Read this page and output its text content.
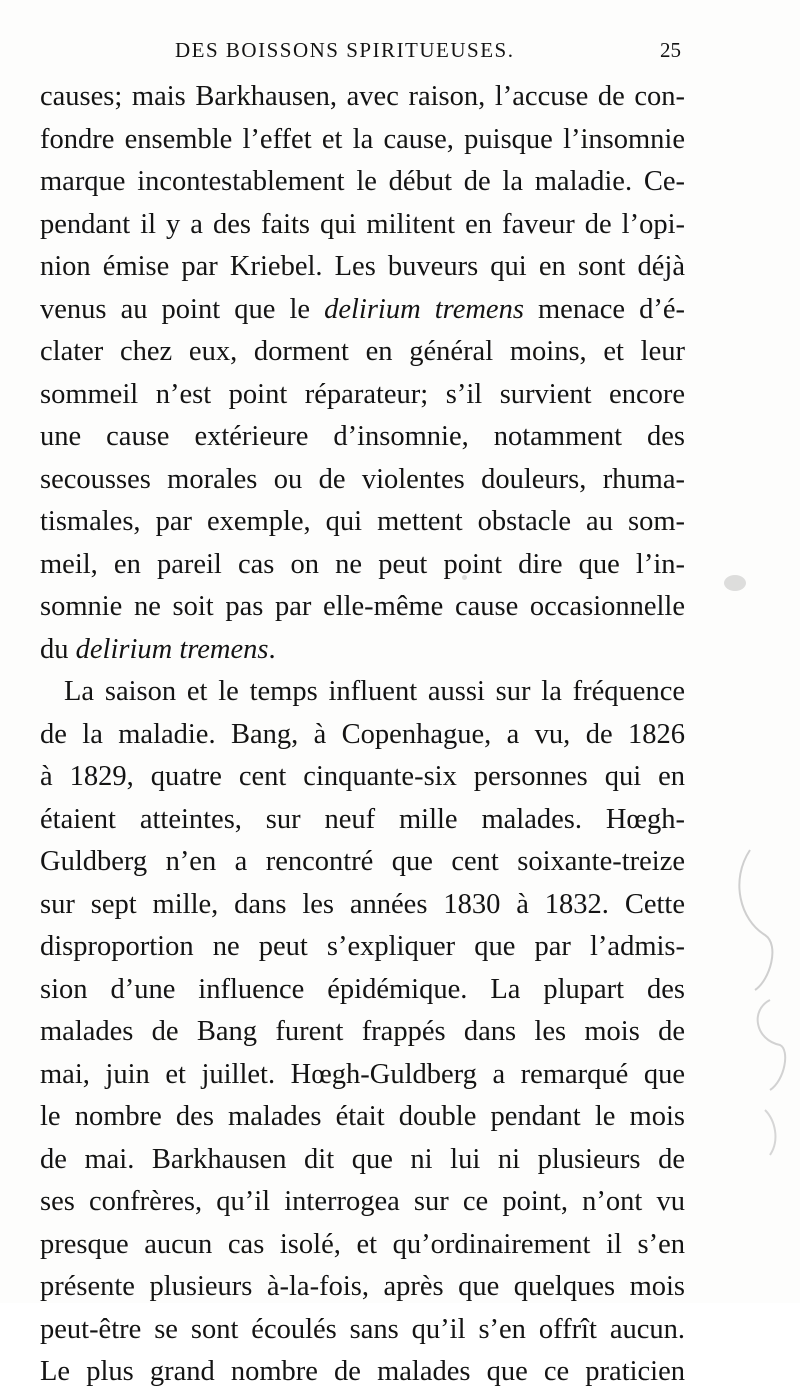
DES BOISSONS SPIRITUEUSES.	25
causes; mais Barkhausen, avec raison, l’accuse de con-
fondre ensemble l’effet et la cause, puisque l’insomnie
marque incontestablement le début de la maladie. Ce-
pendant il y a des faits qui militent en faveur de l’opi-
nion émise par Kriebel. Les buveurs qui en sont déjà
venus au point que le delirium tremens menace d’é-
clater chez eux, dorment en général moins, et leur
sommeil n’est point réparateur; s’il survient encore
une cause extérieure d’insomnie, notamment des
secousses morales ou de violentes douleurs, rhuma-
tismales, par exemple, qui mettent obstacle au som-
meil, en pareil cas on ne peut point dire que l’in-
somnie ne soit pas par elle-même cause occasionnelle
du delirium tremens.
La saison et le temps influent aussi sur la fréquence
de la maladie. Bang, à Copenhague, a vu, de 1826
à 1829, quatre cent cinquante-six personnes qui en
étaient atteintes, sur neuf mille malades. Hœgh-
Guldberg n’en a rencontré que cent soixante-treize
sur sept mille, dans les années 1830 à 1832. Cette
disproportion ne peut s’expliquer que par l’admis-
sion d’une influence épidémique. La plupart des
malades de Bang furent frappés dans les mois de
mai, juin et juillet. Hœgh-Guldberg a remarqué que
le nombre des malades était double pendant le mois
de mai. Barkhausen dit que ni lui ni plusieurs de
ses confrères, qu’il interrogea sur ce point, n’ont vu
presque aucun cas isolé, et qu’ordinairement il s’en
présente plusieurs à-la-fois, après que quelques mois
peut-être se sont écoulés sans qu’il s’en offrît aucun.
Le plus grand nombre de malades que ce praticien
